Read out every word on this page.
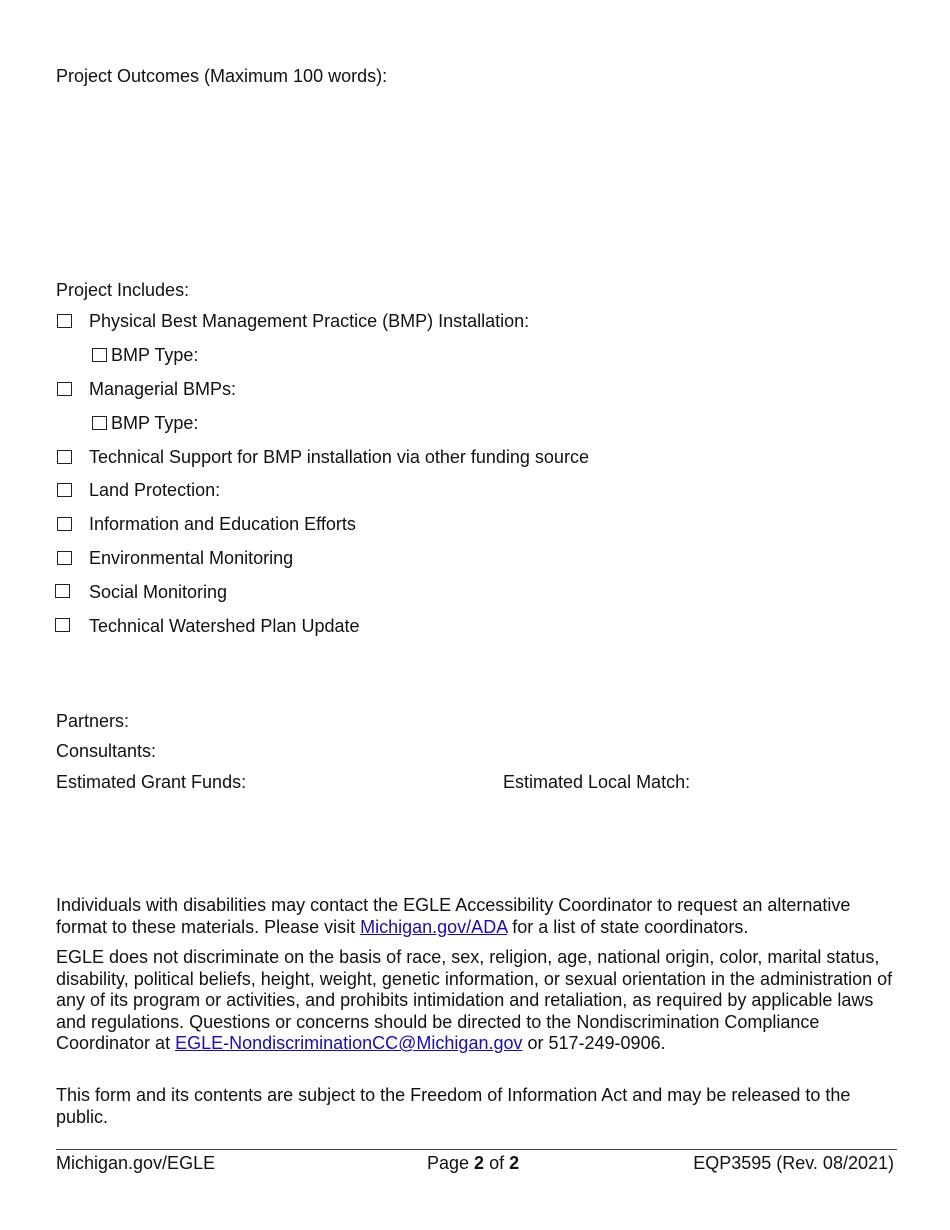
Project Outcomes (Maximum 100 words):
Project Includes:
Physical Best Management Practice (BMP) Installation:
BMP Type:
Managerial BMPs:
BMP Type:
Technical Support for BMP installation via other funding source
Land Protection:
Information and Education Efforts
Environmental Monitoring
Social Monitoring
Technical Watershed Plan Update
Partners:
Consultants:
Estimated Grant Funds:	Estimated Local Match:
Individuals with disabilities may contact the EGLE Accessibility Coordinator to request an alternative format to these materials. Please visit Michigan.gov/ADA for a list of state coordinators.
EGLE does not discriminate on the basis of race, sex, religion, age, national origin, color, marital status, disability, political beliefs, height, weight, genetic information, or sexual orientation in the administration of any of its program or activities, and prohibits intimidation and retaliation, as required by applicable laws and regulations. Questions or concerns should be directed to the Nondiscrimination Compliance Coordinator at EGLE-NondiscriminationCC@Michigan.gov or 517-249-0906.
This form and its contents are subject to the Freedom of Information Act and may be released to the public.
Michigan.gov/EGLE	Page 2 of 2	EQP3595 (Rev. 08/2021)
